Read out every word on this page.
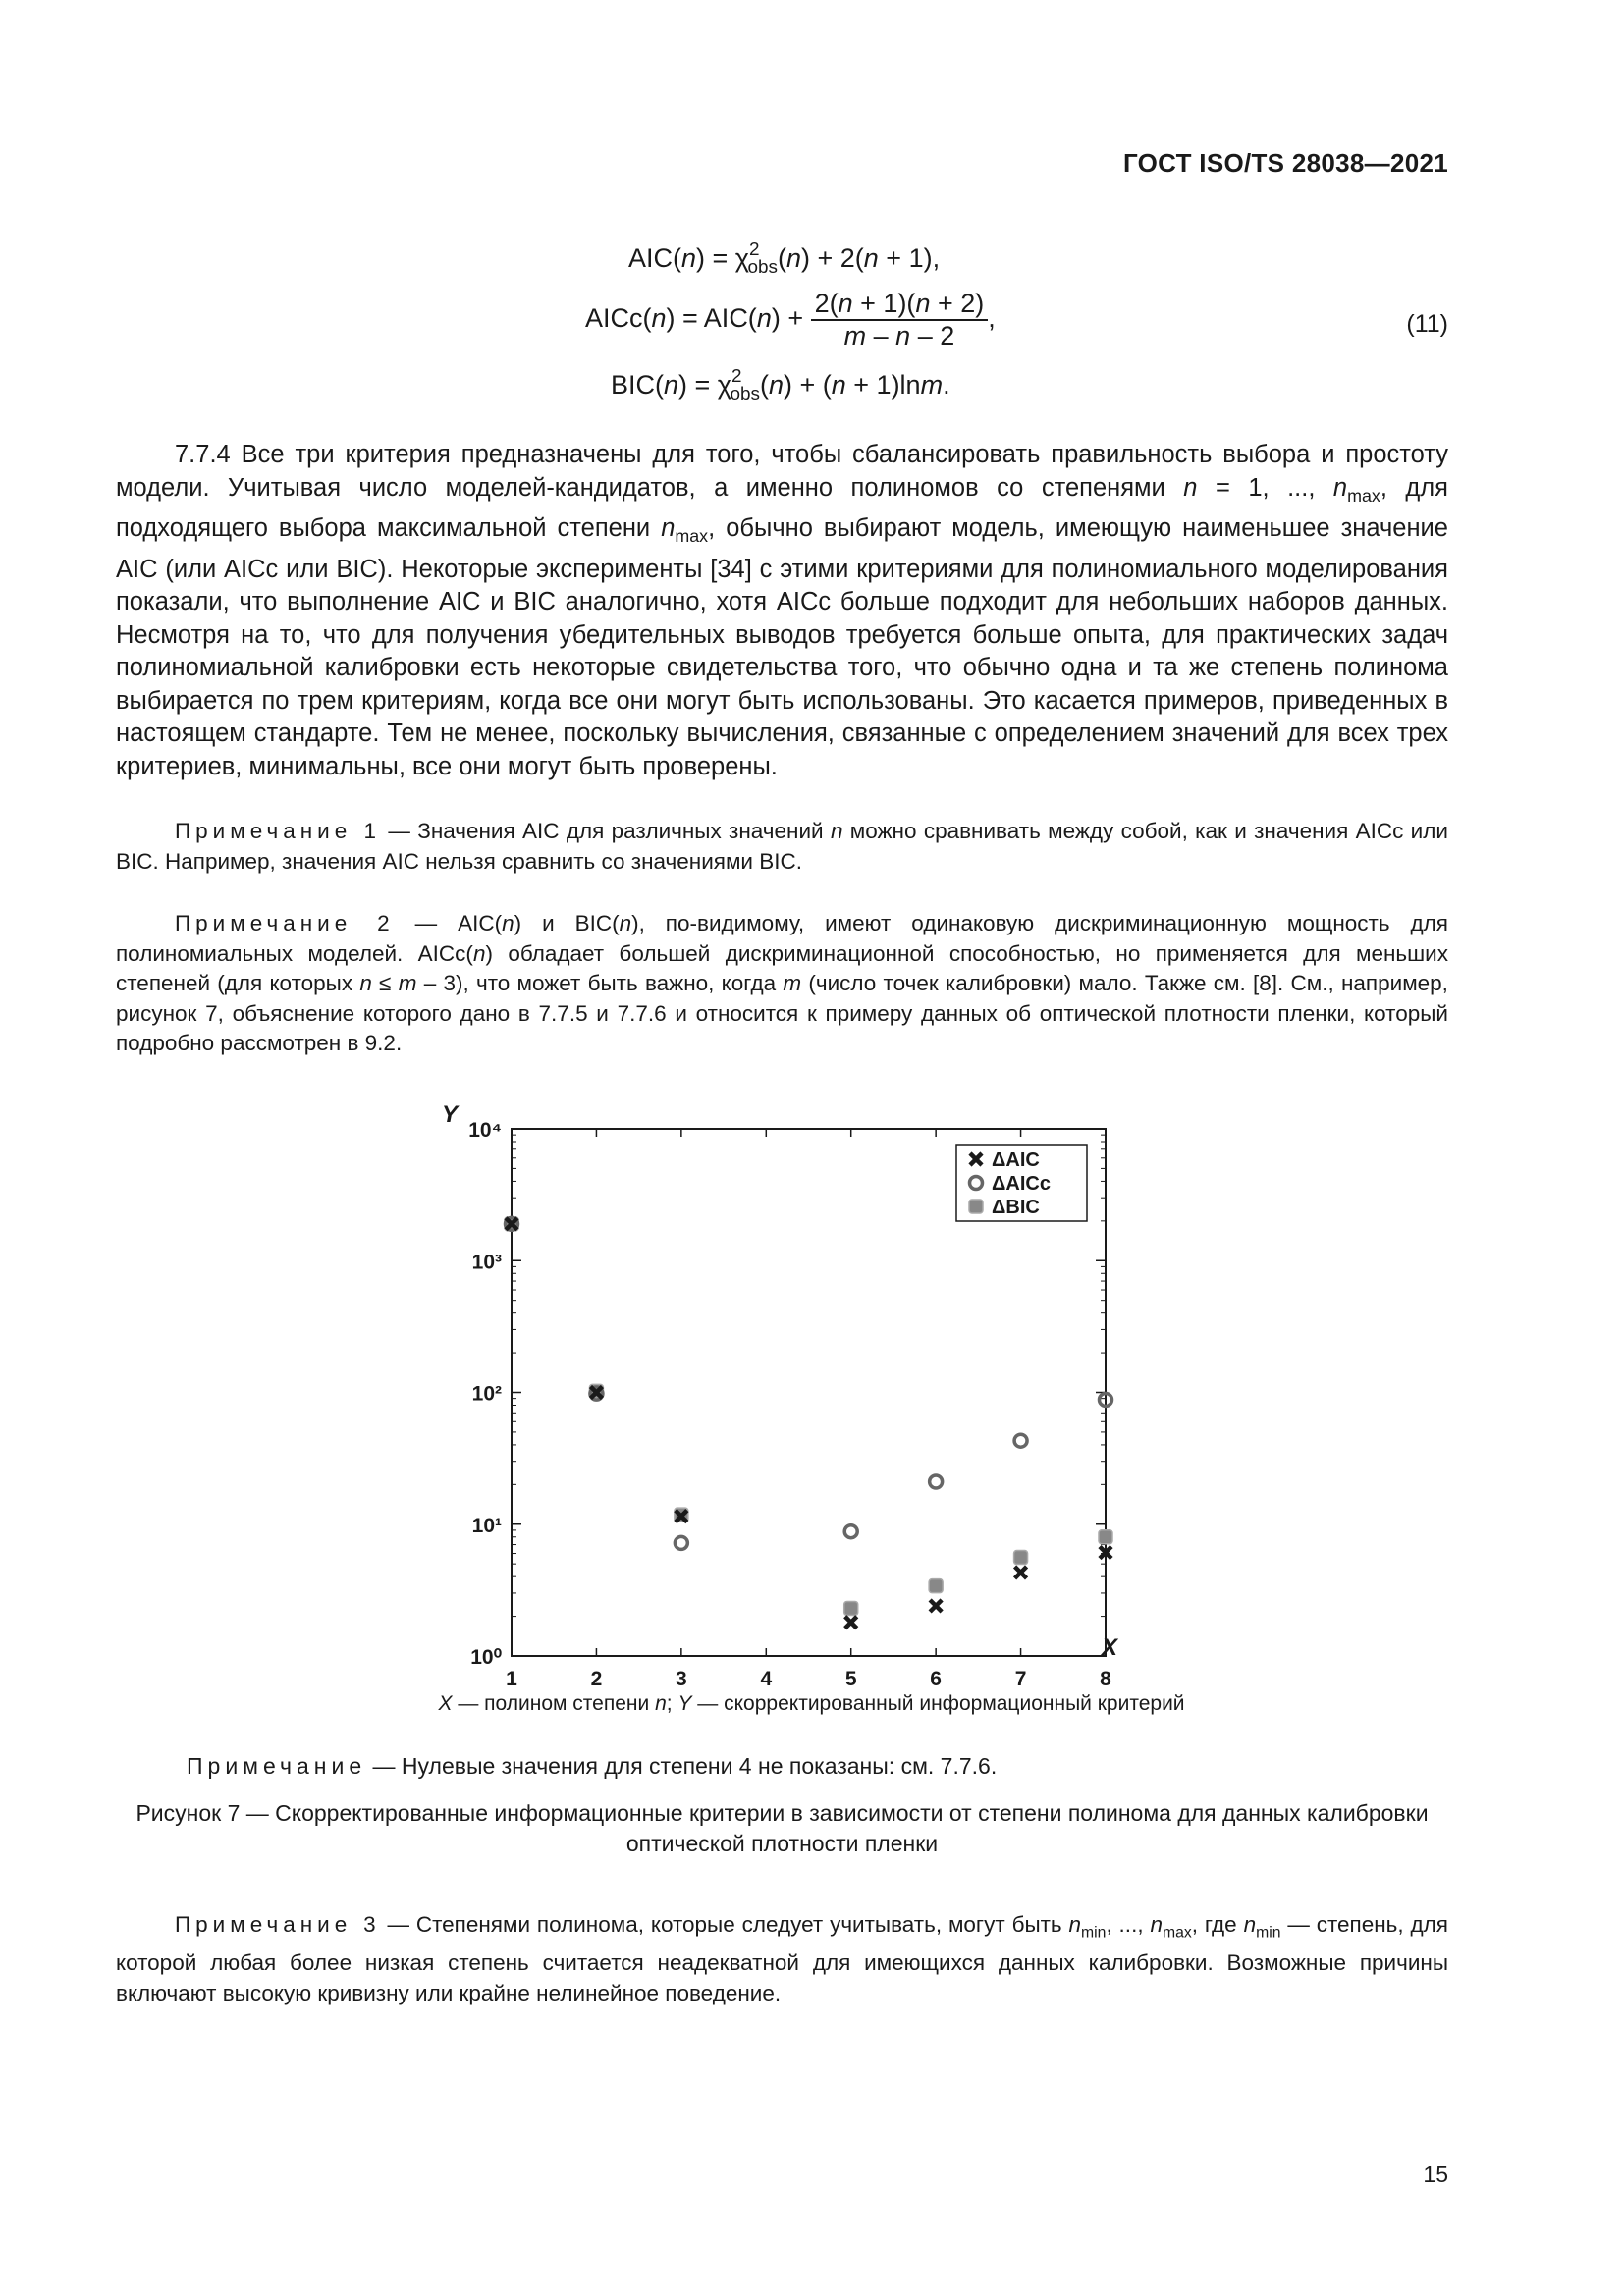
ГОСТ ISO/TS 28038—2021
$AIC(n) = \chi^2_{obs}(n) + 2(n + 1)$,
AICc(n) = $AIC(n) + \frac{2(n + 1)(n + 2)}{m - n - 2}$ ,
$BIC(n) = \chi^2_{obs}(n) + (n + 1)\ln m$.
(11)
7.7.4 Все три критерия предназначены для того, чтобы сбалансировать правильность выбора и простоту модели. Учитывая число моделей-кандидатов, а именно полиномов со степенями n = 1, ..., $n_{max}$, для подходящего выбора максимальной степени $n_{max}$, обычно выбирают модель, имеющую наименьшее значение AIC (или AICc или BIC). Некоторые эксперименты [34] с этими критериями для полиномиального моделирования показали, что выполнение AIC и BIC аналогично, хотя AICc больше подходит для небольших наборов данных. Несмотря на то, что для получения убедительных выводов требуется больше опыта, для практических задач полиномиальной калибровки есть некоторые свидетельства того, что обычно одна и та же степень полинома выбирается по трем критериям, когда все они могут быть использованы. Это касается примеров, приведенных в настоящем стандарте. Тем не менее, поскольку вычисления, связанные с определением значений для всех трех критериев, минимальны, все они могут быть проверены.
Примечание 1 — Значения AIC для различных значений n можно сравнивать между собой, как и значения AICc или BIC. Например, значения AIC нельзя сравнить со значениями BIC.
Примечание 2 — AIC(n) и BIC(n), по-видимому, имеют одинаковую дискриминационную мощность для полиномиальных моделей. AICc(n) обладает большей дискриминационной способностью, но применяется для меньших степеней (для которых n ≤ m – 3), что может быть важно, когда m (число точек калибровки) мало. Также см. [8]. См., например, рисунок 7, объяснение которого дано в 7.7.5 и 7.7.6 и относится к примеру данных об оптической плотности пленки, который подробно рассмотрен в 9.2.
1	2	3	4	5	6	7	8
10⁰
10¹
10²
10³
10⁴
ΔAIC
ΔAICc
ΔBIC
Y
X
X — полином степени n; Y — скорректированный информационный критерий
Примечание — Нулевые значения для степени 4 не показаны: см. 7.7.6.
Рисунок 7 — Скорректированные информационные критерии в зависимости от степени полинома для данных калибровки оптической плотности пленки
Примечание 3 — Степенями полинома, которые следует учитывать, могут быть $n_{min}$, ..., $n_{max}$, где $n_{min}$ — степень, для которой любая более низкая степень считается неадекватной для имеющихся данных калибровки. Возможные причины включают высокую кривизну или крайне нелинейное поведение.
15
